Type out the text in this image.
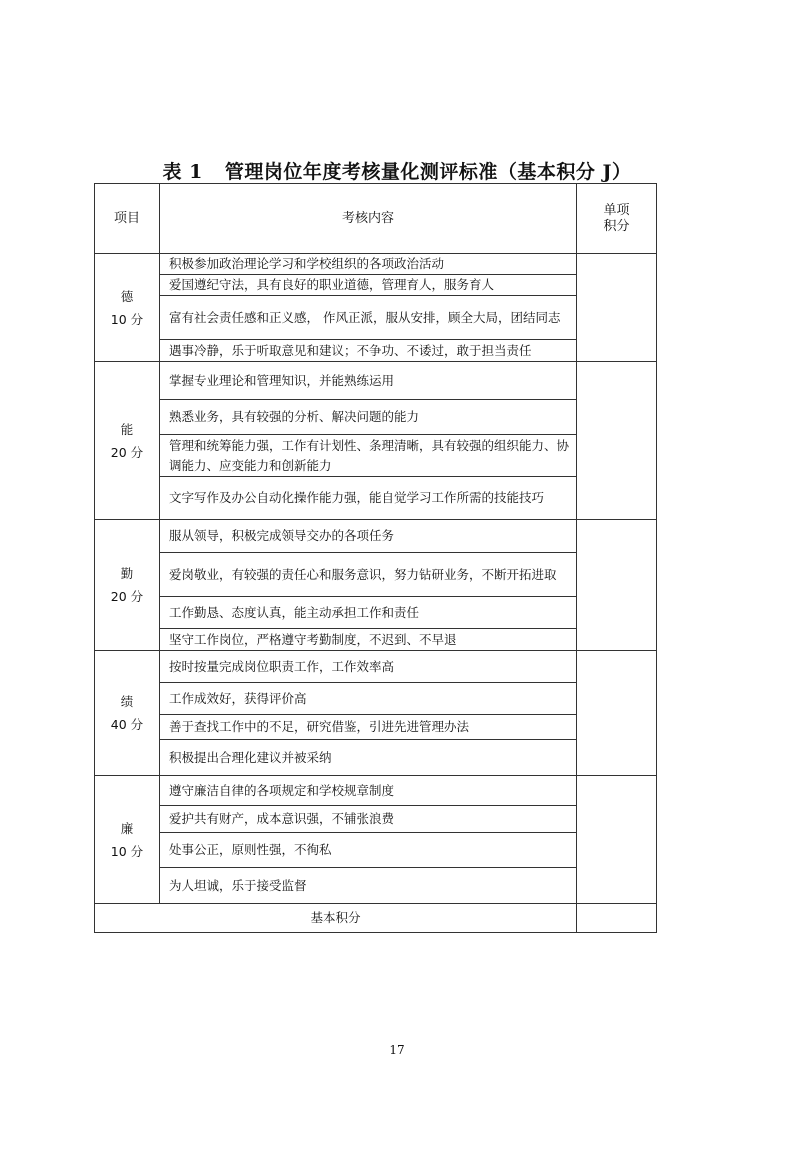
表 1 管理岗位年度考核量化测评标准（基本积分 J）
项目	考核内容	单项
积分
德
10 分	积极参加政治理论学习和学校组织的各项政治活动	
	爱国遵纪守法，具有良好的职业道德，管理育人，服务育人	
	富有社会责任感和正义感， 作风正派，服从安排，顾全大局，团结同志	
	遇事冷静，乐于听取意见和建议；不争功、不诿过，敢于担当责任	
能
20 分	掌握专业理论和管理知识，并能熟练运用	
	熟悉业务，具有较强的分析、解决问题的能力	
	管理和统筹能力强，工作有计划性、条理清晰，具有较强的组织能力、协调能力、应变能力和创新能力	
	文字写作及办公自动化操作能力强，能自觉学习工作所需的技能技巧	
勤
20 分	服从领导，积极完成领导交办的各项任务	
	爱岗敬业，有较强的责任心和服务意识，努力钻研业务，不断开拓进取	
	工作勤恳、态度认真，能主动承担工作和责任	
	坚守工作岗位，严格遵守考勤制度，不迟到、不早退	
绩
40 分	按时按量完成岗位职责工作，工作效率高	
	工作成效好，获得评价高	
	善于查找工作中的不足，研究借鉴，引进先进管理办法	
	积极提出合理化建议并被采纳	
廉
10 分	遵守廉洁自律的各项规定和学校规章制度	
	爱护共有财产，成本意识强，不铺张浪费	
	处事公正，原则性强，不徇私	
	为人坦诚，乐于接受监督	
基本积分		
17
